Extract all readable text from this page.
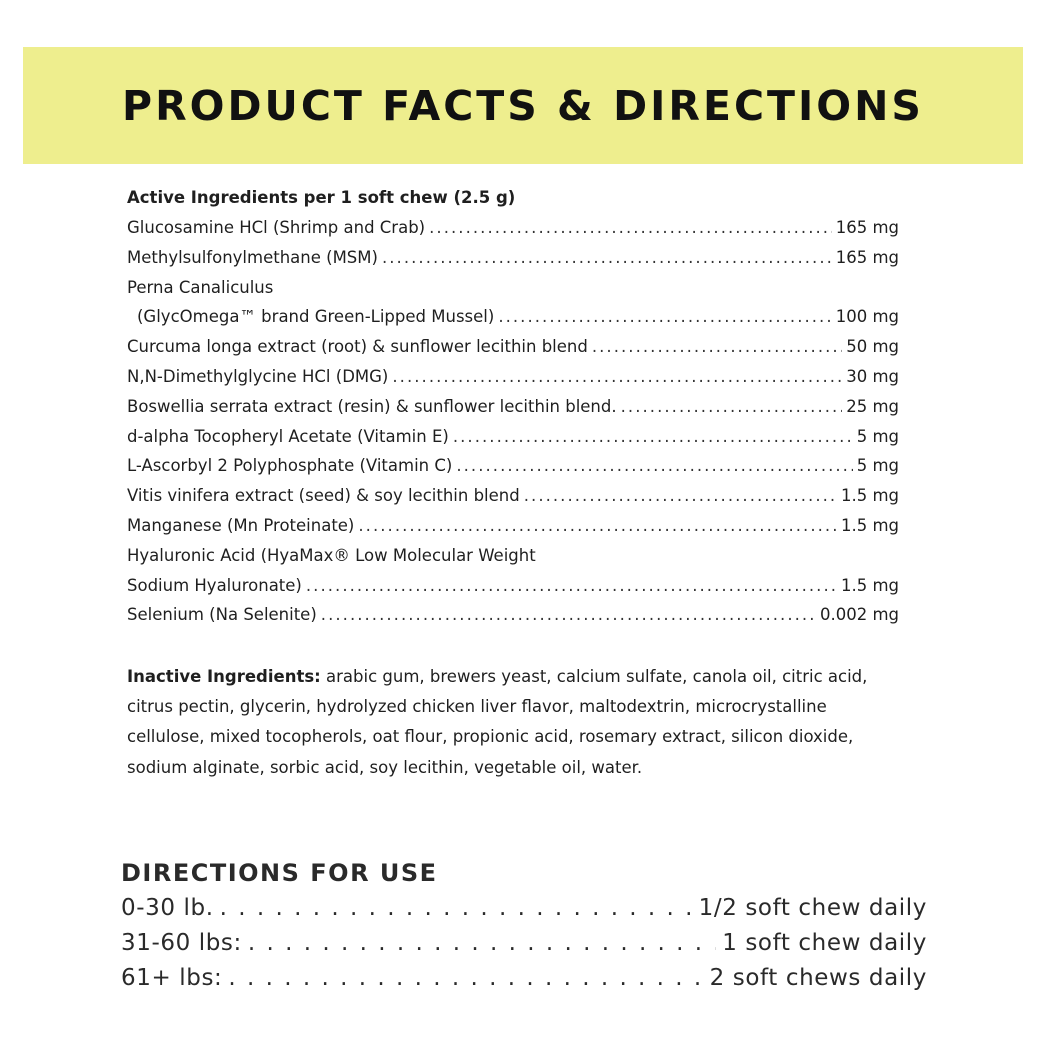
PRODUCT FACTS & DIRECTIONS
Active Ingredients per 1 soft chew (2.5 g)
Glucosamine HCl (Shrimp and Crab) . . .	165 mg
Methylsulfonylmethane (MSM) . . .	165 mg
Perna Canaliculus
(GlycOmega™ brand Green-Lipped Mussel) . . .	100 mg
Curcuma longa extract (root) & sunflower lecithin blend . . .	50 mg
N,N-Dimethylglycine HCl (DMG) . . .	30 mg
Boswellia serrata extract (resin) & sunflower lecithin blend. . . .	25 mg
d-alpha Tocopheryl Acetate (Vitamin E) . . .	5 mg
L-Ascorbyl 2 Polyphosphate (Vitamin C) . . .	5 mg
Vitis vinifera extract (seed) & soy lecithin blend . . .	1.5 mg
Manganese (Mn Proteinate) . . .	1.5 mg
Hyaluronic Acid (HyaMax® Low Molecular Weight
Sodium Hyaluronate) . . .	1.5 mg
Selenium (Na Selenite) . . .	0.002 mg
Inactive Ingredients: arabic gum, brewers yeast, calcium sulfate, canola oil, citric acid, citrus pectin, glycerin, hydrolyzed chicken liver flavor, maltodextrin, microcrystalline cellulose, mixed tocopherols, oat flour, propionic acid, rosemary extract, silicon dioxide, sodium alginate, sorbic acid, soy lecithin, vegetable oil, water.
DIRECTIONS FOR USE
0-30 lb. . . .	1/2 soft chew daily
31-60 lbs: . . .	1 soft chew daily
61+ lbs: . . .	2 soft chews daily
